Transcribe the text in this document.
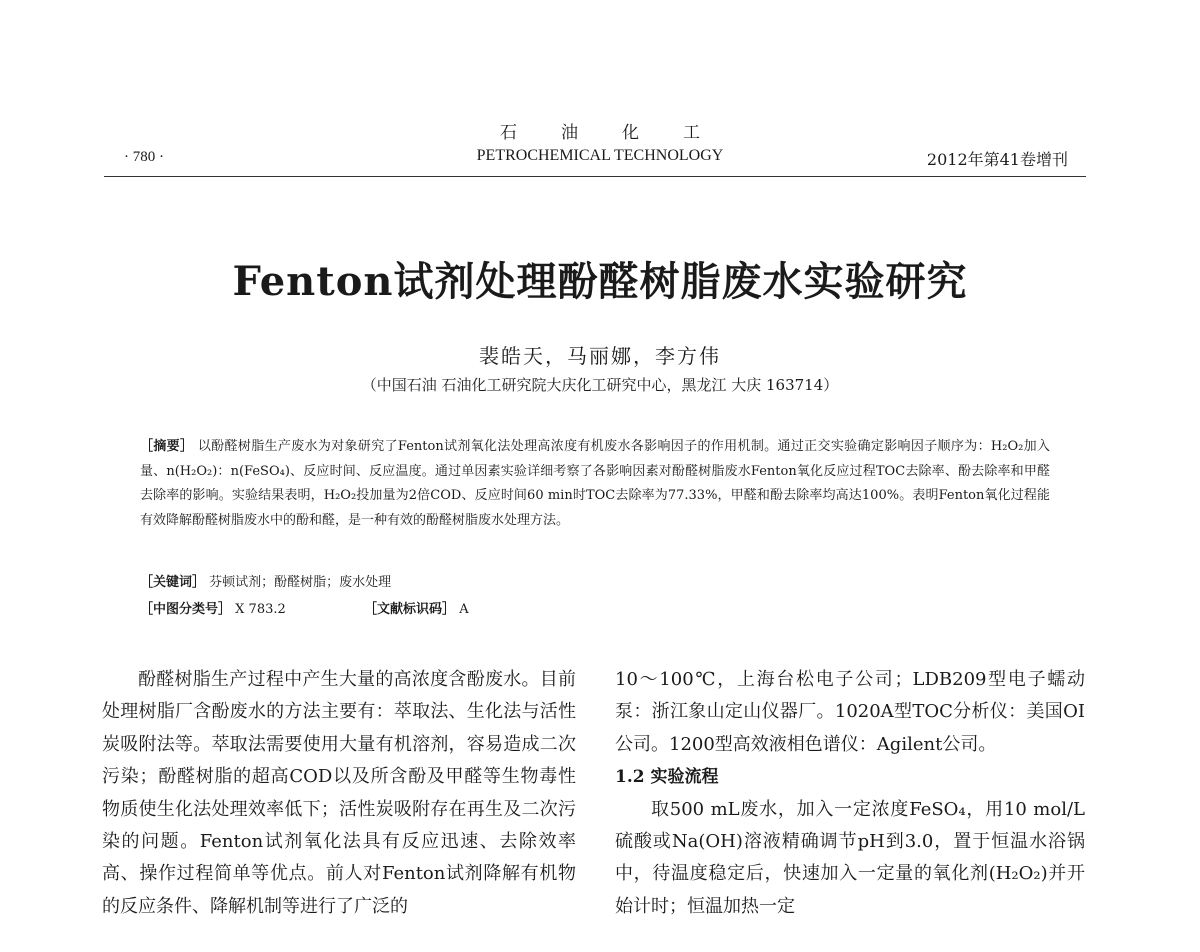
石	油	化	工
PETROCHEMICAL TECHNOLOGY
· 780 ·	2012年第41卷增刊
Fenton试剂处理酚醛树脂废水实验研究
裴皓天，马丽娜，李方伟
（中国石油 石油化工研究院大庆化工研究中心，黑龙江 大庆 163714）
［摘要］ 以酚醛树脂生产废水为对象研究了Fenton试剂氧化法处理高浓度有机废水各影响因子的作用机制。通过正交实验确定影响因子顺序为：H₂O₂加入量、n(H₂O₂)：n(FeSO₄)、反应时间、反应温度。通过单因素实验详细考察了各影响因素对酚醛树脂废水Fenton氧化反应过程TOC去除率、酚去除率和甲醛去除率的影响。实验结果表明，H₂O₂投加量为2倍COD、反应时间60 min时TOC去除率为77.33%，甲醛和酚去除率均高达100%。表明Fenton氧化过程能有效降解酚醛树脂废水中的酚和醛，是一种有效的酚醛树脂废水处理方法。
［关键词］ 芬顿试剂；酚醛树脂；废水处理
［中图分类号］ X 783.2	［文献标识码］ A

酚醛树脂生产过程中产生大量的高浓度含酚废水。目前处理树脂厂含酚废水的方法主要有：萃取法、生化法与活性炭吸附法等。萃取法需要使用大量有机溶剂，容易造成二次污染；酚醛树脂的超高COD以及所含酚及甲醛等生物毒性物质使生化法处理效率低下；活性炭吸附存在再生及二次污染的问题。Fenton试剂氧化法具有反应迅速、去除效率高、操作过程简单等优点。前人对Fenton试剂降解有机物的反应条件、降解机制等进行了广泛的

10～100℃，上海台松电子公司；LDB209型电子蠕动泵：浙江象山定山仪器厂。1020A型TOC分析仪：美国OI公司。1200型高效液相色谱仪：Agilent公司。

1.2 实验流程

取500 mL废水，加入一定浓度FeSO₄，用10 mol/L硫酸或Na(OH)溶液精确调节pH到3.0，置于恒温水浴锅中，待温度稳定后，快速加入一定量的氧化剂(H₂O₂)并开始计时；恒温加热一定
